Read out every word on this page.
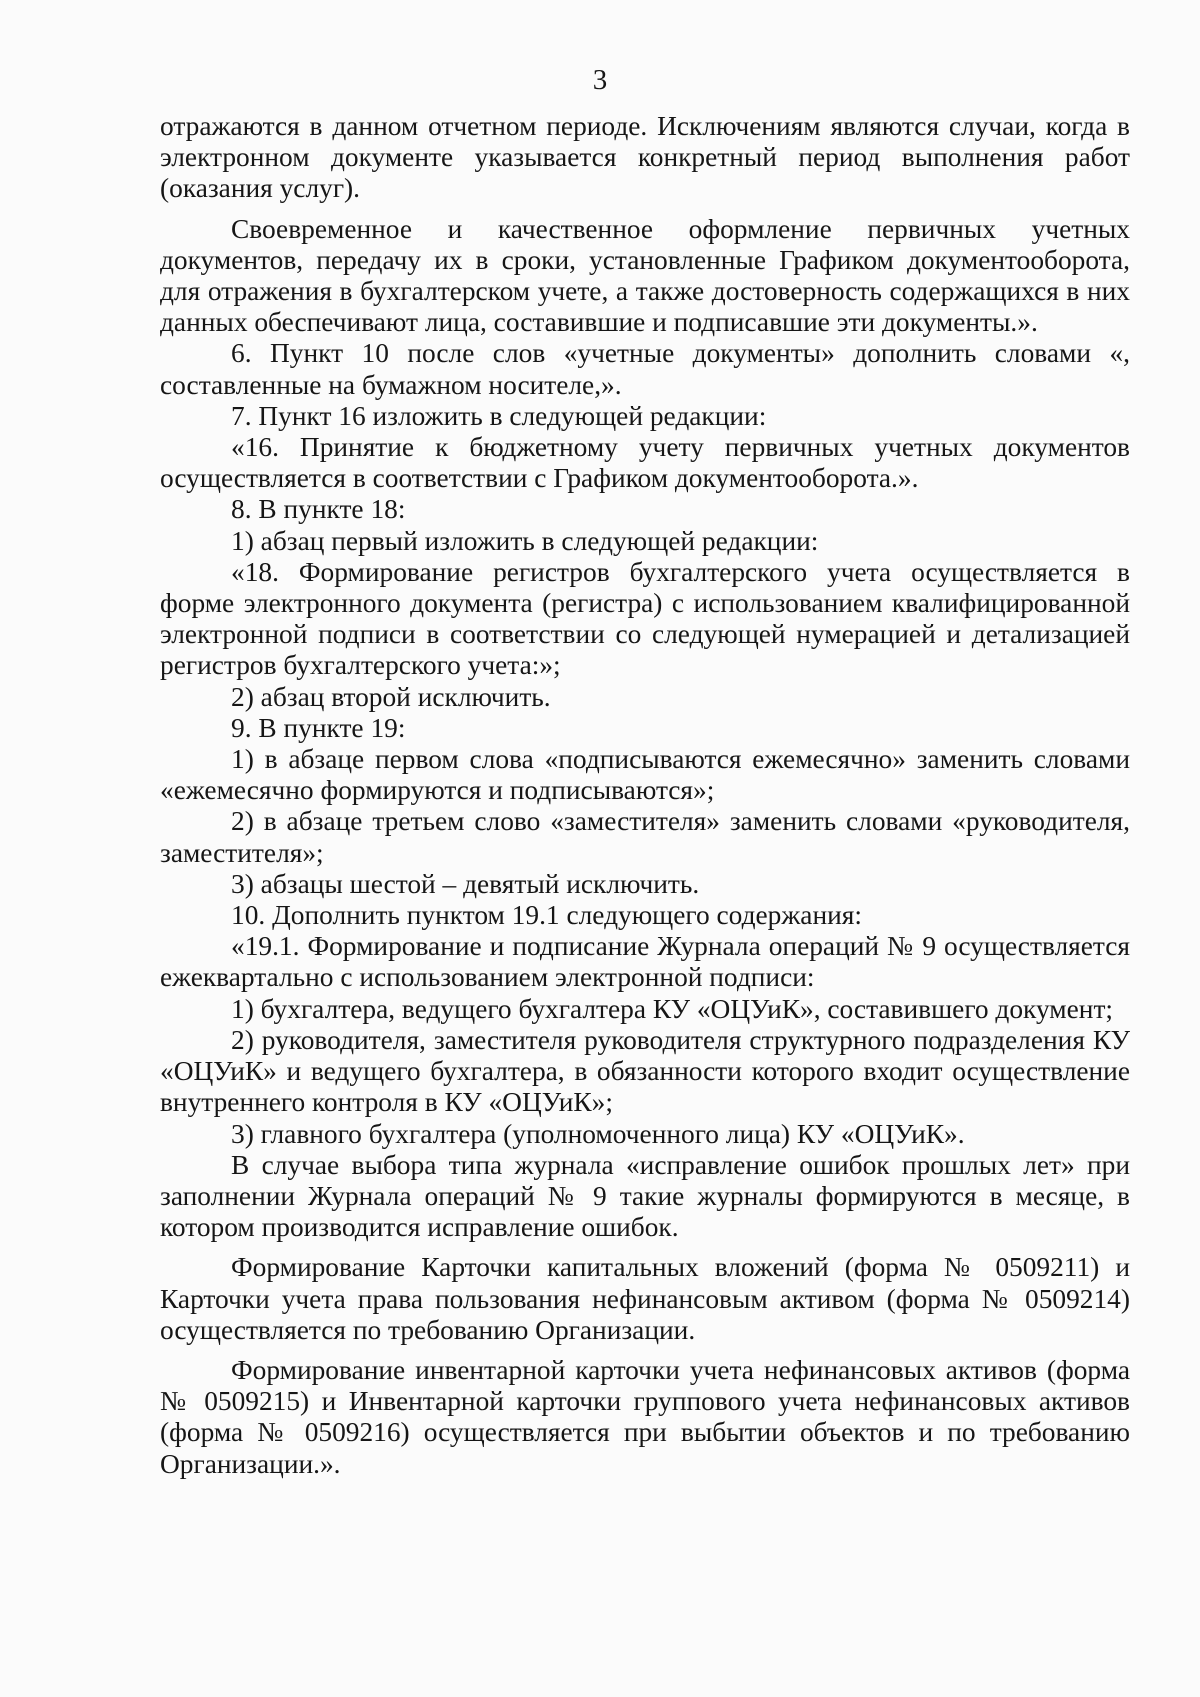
3

отражаются в данном отчетном периоде. Исключениям являются случаи, когда в электронном документе указывается конкретный период выполнения работ (оказания услуг).

Своевременное и качественное оформление первичных учетных документов, передачу их в сроки, установленные Графиком документооборота, для отражения в бухгалтерском учете, а также достоверность содержащихся в них данных обеспечивают лица, составившие и подписавшие эти документы.».

6. Пункт 10 после слов «учетные документы» дополнить словами «, составленные на бумажном носителе,».

7. Пункт 16 изложить в следующей редакции:

«16. Принятие к бюджетному учету первичных учетных документов осуществляется в соответствии с Графиком документооборота.».

8. В пункте 18:

1) абзац первый изложить в следующей редакции:

«18. Формирование регистров бухгалтерского учета осуществляется в форме электронного документа (регистра) с использованием квалифицированной электронной подписи в соответствии со следующей нумерацией и детализацией регистров бухгалтерского учета:»;

2) абзац второй исключить.

9. В пункте 19:

1) в абзаце первом слова «подписываются ежемесячно» заменить словами «ежемесячно формируются и подписываются»;

2) в абзаце третьем слово «заместителя» заменить словами «руководителя, заместителя»;

3) абзацы шестой – девятый исключить.

10. Дополнить пунктом 19.1 следующего содержания:

«19.1. Формирование и подписание Журнала операций № 9 осуществляется ежеквартально с использованием электронной подписи:

1) бухгалтера, ведущего бухгалтера КУ «ОЦУиК», составившего документ;

2) руководителя, заместителя руководителя структурного подразделения КУ «ОЦУиК» и ведущего бухгалтера, в обязанности которого входит осуществление внутреннего контроля в КУ «ОЦУиК»;

3) главного бухгалтера (уполномоченного лица) КУ «ОЦУиК».

В случае выбора типа журнала «исправление ошибок прошлых лет» при заполнении Журнала операций № 9 такие журналы формируются в месяце, в котором производится исправление ошибок.

Формирование Карточки капитальных вложений (форма № 0509211) и Карточки учета права пользования нефинансовым активом (форма № 0509214) осуществляется по требованию Организации.

Формирование инвентарной карточки учета нефинансовых активов (форма № 0509215) и Инвентарной карточки группового учета нефинансовых активов (форма № 0509216) осуществляется при выбытии объектов и по требованию Организации.».
